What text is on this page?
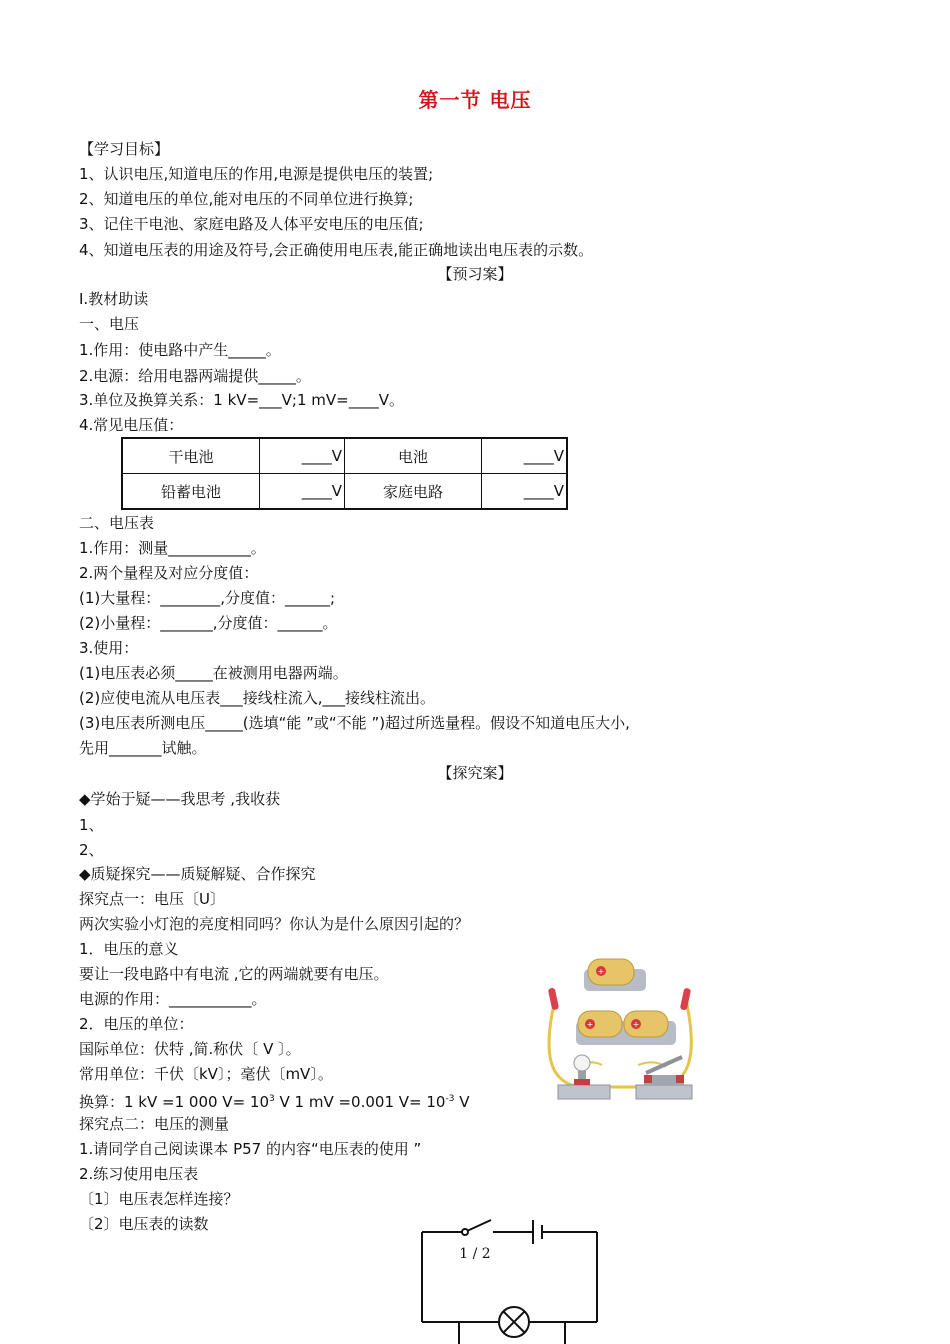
第一节 电压
【学习目标】
1、认识电压,知道电压的作用,电源是提供电压的装置;
2、知道电压的单位,能对电压的不同单位进行换算;
3、记住干电池、家庭电路及人体平安电压的电压值;
4、知道电压表的用途及符号,会正确使用电压表,能正确地读出电压表的示数。
【预习案】
I.教材助读
一、电压
1.作用：使电路中产生_____。
2.电源：给用电器两端提供_____。
3.单位及换算关系：1 kV=___V;1 mV=____V。
4.常见电压值：
干电池	____V	电池	____V
铅蓄电池	____V	家庭电路	____V
二、电压表
1.作用：测量___________。
2.两个量程及对应分度值：
(1)大量程：________,分度值：______;
(2)小量程：_______,分度值：______。
3.使用：
(1)电压表必须_____在被测用电器两端。
(2)应使电流从电压表___接线柱流入,___接线柱流出。
(3)电压表所测电压_____(选填“能 ”或“不能 ”)超过所选量程。假设不知道电压大小,
先用_______试触。
【探究案】
◆学始于疑——我思考 ,我收获
1、
2、
◆质疑探究——质疑解疑、合作探究
探究点一：电压〔U〕
两次实验小灯泡的亮度相同吗？你认为是什么原因引起的？
1．电压的意义
要让一段电路中有电流 ,它的两端就要有电压。
电源的作用：___________。
2．电压的单位：
国际单位：伏特 ,简.称伏〔 V 〕。
常用单位：千伏〔kV〕；毫伏〔mV〕。
换算：1 kV =1 000 $V= 10^3$ V 1 mV =0.001 $V= 10^{-3}$ V
探究点二：电压的测量
1.请同学自己阅读课本 P57 的内容“电压表的使用 ”
2.练习使用电压表
〔1〕电压表怎样连接？
〔2〕电压表的读数
+
+	+
1 / 2
